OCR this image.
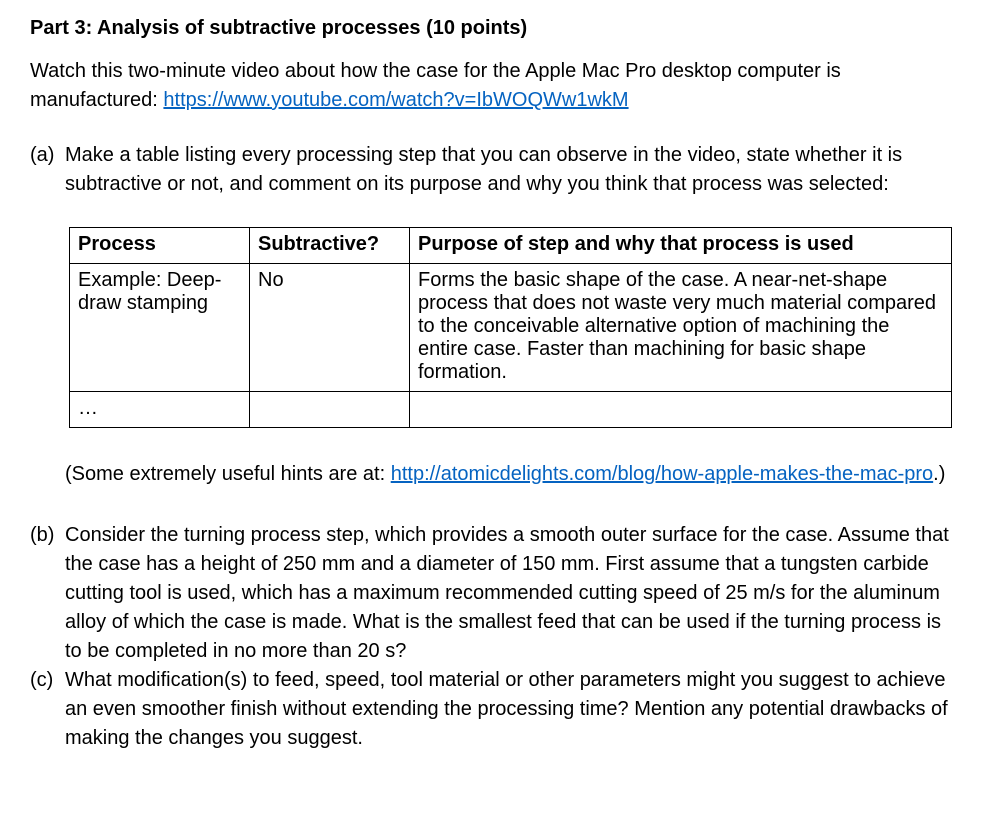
Part 3: Analysis of subtractive processes (10 points)

Watch this two-minute video about how the case for the Apple Mac Pro desktop computer is manufactured: https://www.youtube.com/watch?v=IbWOQWw1wkM

(a) Make a table listing every processing step that you can observe in the video, state whether it is subtractive or not, and comment on its purpose and why you think that process was selected:

Process	Subtractive?	Purpose of step and why that process is used
Example: Deep-draw stamping	No	Forms the basic shape of the case. A near-net-shape process that does not waste very much material compared to the conceivable alternative option of machining the entire case. Faster than machining for basic shape formation.
…		

(Some extremely useful hints are at: http://atomicdelights.com/blog/how-apple-makes-the-mac-pro.)

(b) Consider the turning process step, which provides a smooth outer surface for the case. Assume that the case has a height of 250 mm and a diameter of 150 mm. First assume that a tungsten carbide cutting tool is used, which has a maximum recommended cutting speed of 25 m/s for the aluminum alloy of which the case is made. What is the smallest feed that can be used if the turning process is to be completed in no more than 20 s?

(c) What modification(s) to feed, speed, tool material or other parameters might you suggest to achieve an even smoother finish without extending the processing time? Mention any potential drawbacks of making the changes you suggest.
